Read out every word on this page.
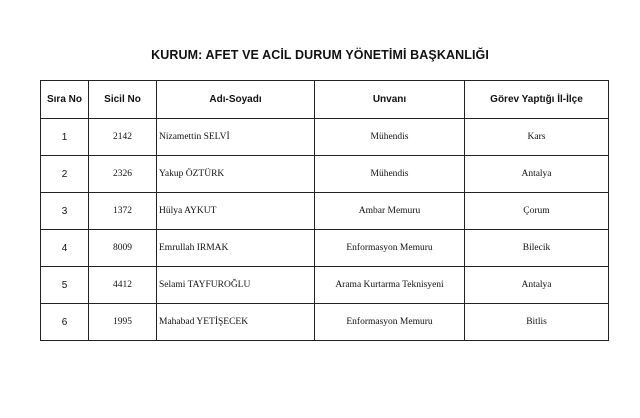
KURUM: AFET VE ACİL DURUM YÖNETİMİ BAŞKANLIĞI
Sıra No	Sicil No	Adı-Soyadı	Unvanı	Görev Yaptığı İl-İlçe
1	2142	Nizamettin SELVİ	Mühendis	Kars
2	2326	Yakup ÖZTÜRK	Mühendis	Antalya
3	1372	Hülya AYKUT	Ambar Memuru	Çorum
4	8009	Emrullah IRMAK	Enformasyon Memuru	Bilecik
5	4412	Selami TAYFUROĞLU	Arama Kurtarma Teknisyeni	Antalya
6	1995	Mahabad YETİŞECEK	Enformasyon Memuru	Bitlis
